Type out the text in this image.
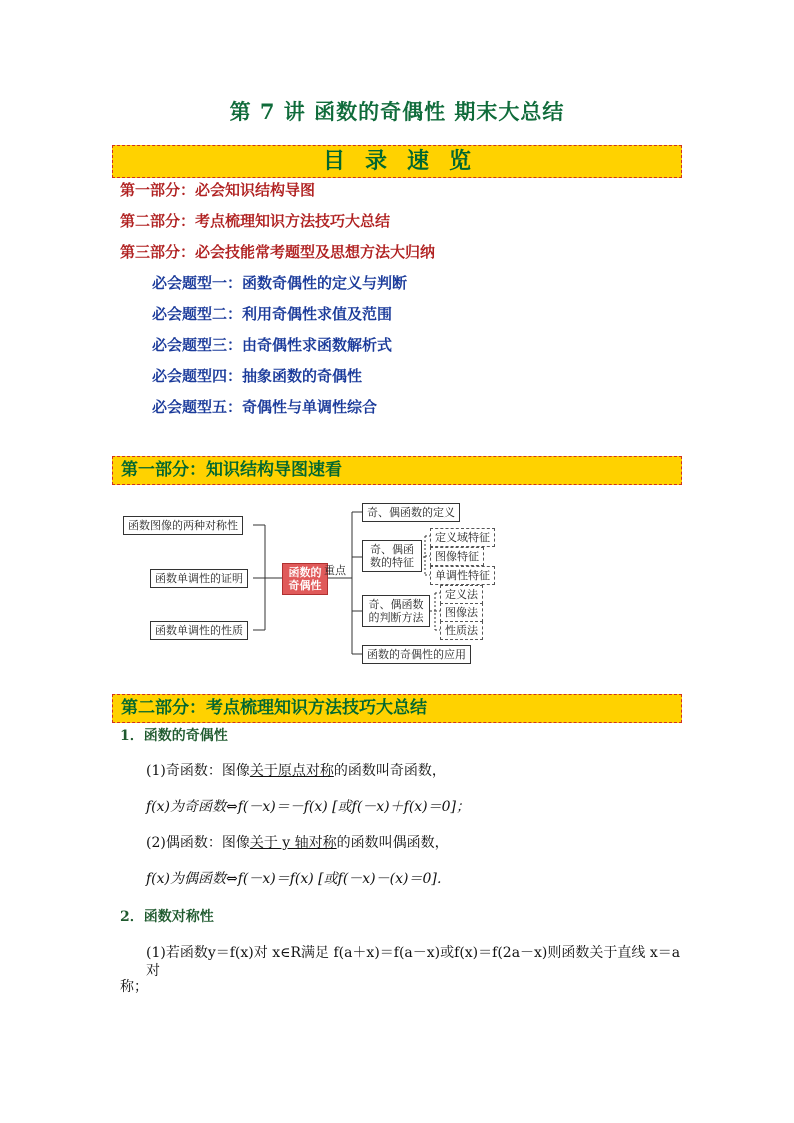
第 7 讲 函数的奇偶性 期末大总结
目录速览
第一部分：必会知识结构导图
第二部分：考点梳理知识方法技巧大总结
第三部分：必会技能常考题型及思想方法大归纳
必会题型一：函数奇偶性的定义与判断
必会题型二：利用奇偶性求值及范围
必会题型三：由奇偶性求函数解析式
必会题型四：抽象函数的奇偶性
必会题型五：奇偶性与单调性综合
第一部分：知识结构导图速看
函数图像的两种对称性
函数单调性的证明
函数单调性的性质
函数的奇偶性
重点
奇、偶函数的定义
奇、偶函数的特征
奇、偶函数的判断方法
函数的奇偶性的应用
定义域特征
图像特征
单调性特征
定义法
图像法
性质法
第二部分：考点梳理知识方法技巧大总结
1．函数的奇偶性
(1)奇函数：图像关于原点对称的函数叫奇函数，
f(x)为奇函数⇔f(－x)＝－f(x) [或f(－x)＋f(x)＝0]；
(2)偶函数：图像关于 y 轴对称的函数叫偶函数，
f(x)为偶函数⇔f(－x)＝f(x) [或f(－x)－(x)＝0]．
2．函数对称性
(1)若函数y＝f(x)对 x∈R满足 f(a＋x)＝f(a－x)或f(x)＝f(2a－x)则函数关于直线 x＝a 对
称；
